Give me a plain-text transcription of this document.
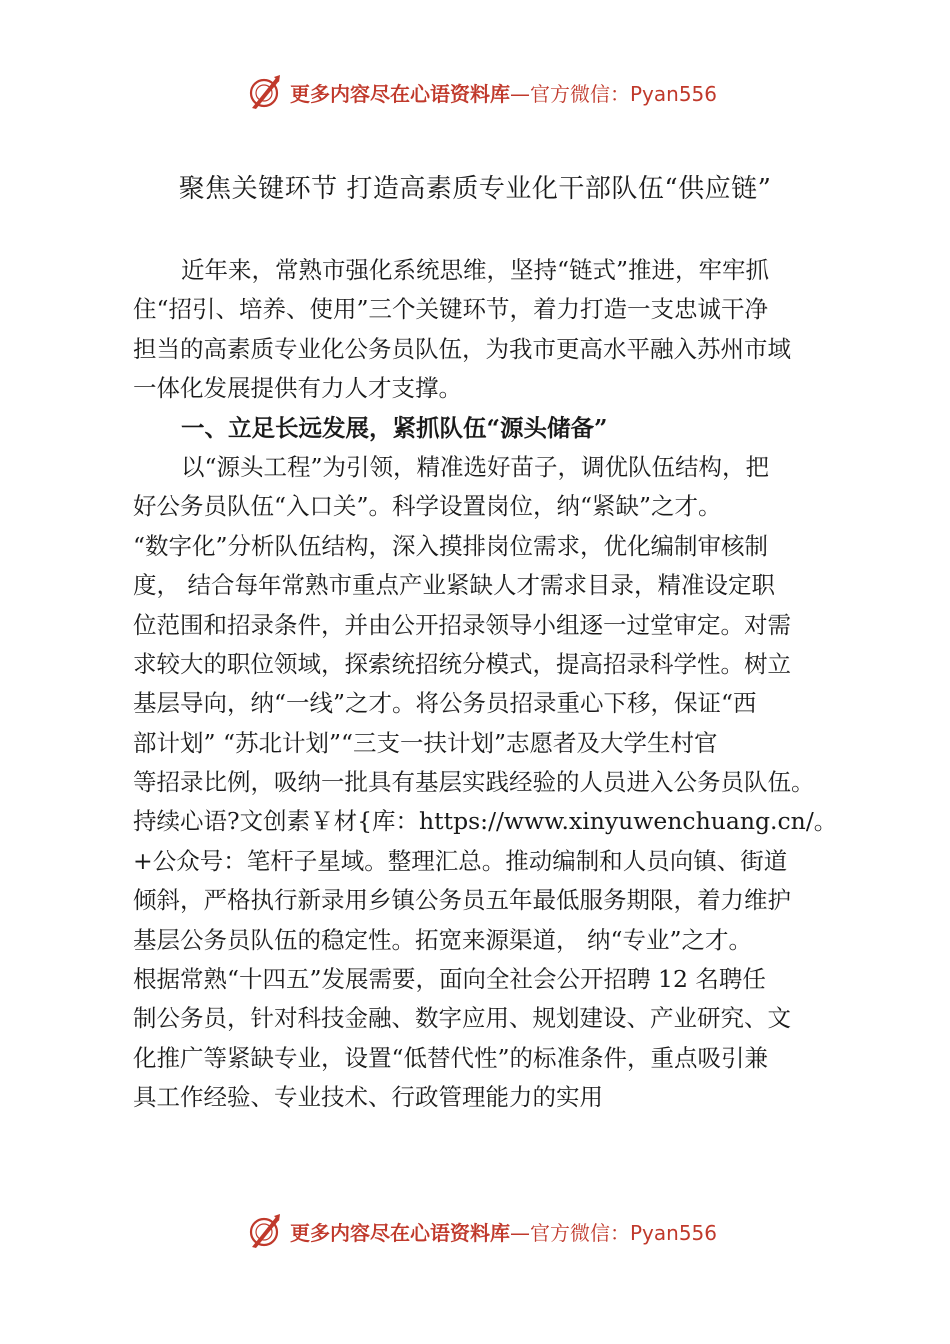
更多内容尽在心语资料库 —官方微信：Pyan556
聚焦关键环节 打造高素质专业化干部队伍“供应链”
近年来，常熟市强化系统思维，坚持“链式”推进，牢牢抓
住“招引、培养、使用”三个关键环节，着力打造一支忠诚干净
担当的高素质专业化公务员队伍，为我市更高水平融入苏州市域
一体化发展提供有力人才支撑。
一、立足长远发展，紧抓队伍“源头储备”
以“源头工程”为引领，精准选好苗子，调优队伍结构，把
好公务员队伍“入口关”。科学设置岗位，纳“紧缺”之才。
“数字化”分析队伍结构，深入摸排岗位需求，优化编制审核制
度， 结合每年常熟市重点产业紧缺人才需求目录，精准设定职
位范围和招录条件，并由公开招录领导小组逐一过堂审定。对需
求较大的职位领域，探索统招统分模式，提高招录科学性。树立
基层导向，纳“一线”之才。将公务员招录重心下移，保证“西
部计划” “苏北计划”“三支一扶计划”志愿者及大学生村官
等招录比例，吸纳一批具有基层实践经验的人员进入公务员队伍。
持续心语?文创素￥材{库：https://www.xinyuwenchuang.cn/。
+公众号：笔杆子星域。整理汇总。推动编制和人员向镇、街道
倾斜，严格执行新录用乡镇公务员五年最低服务期限，着力维护
基层公务员队伍的稳定性。拓宽来源渠道， 纳“专业”之才。
根据常熟“十四五”发展需要，面向全社会公开招聘 12 名聘任
制公务员，针对科技金融、数字应用、规划建设、产业研究、文
化推广等紧缺专业，设置“低替代性”的标准条件，重点吸引兼
具工作经验、专业技术、行政管理能力的实用
更多内容尽在心语资料库 —官方微信：Pyan556
